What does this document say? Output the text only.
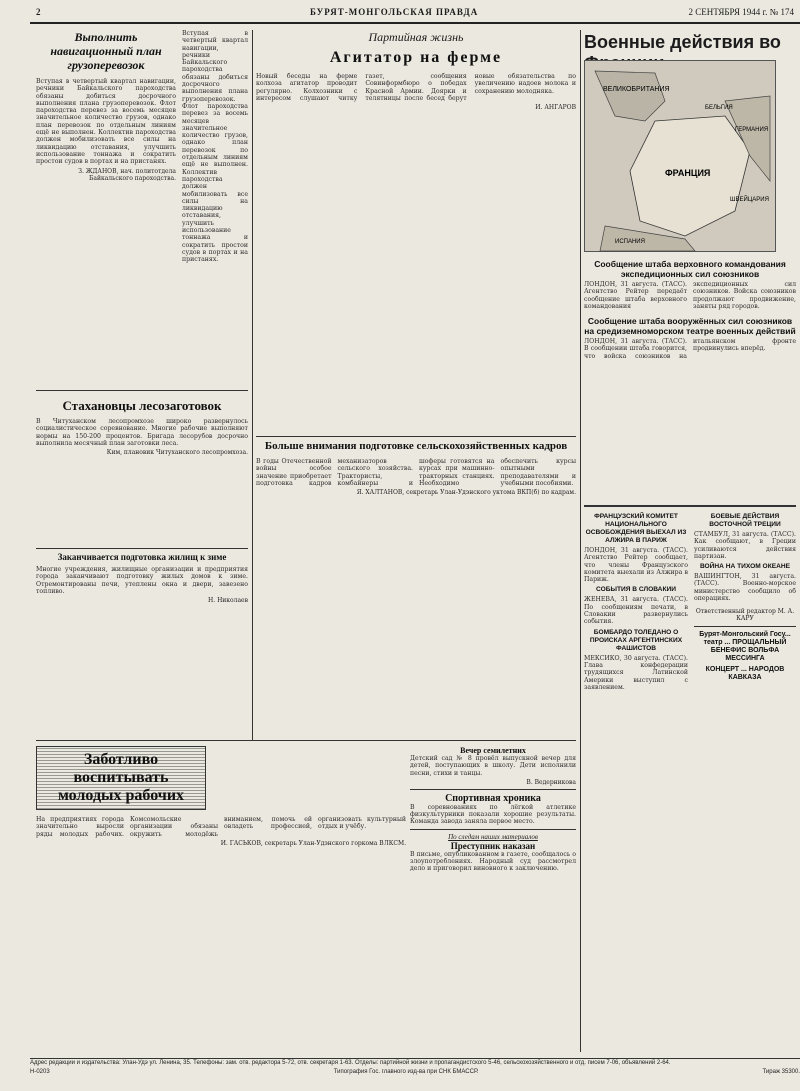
2	БУРЯТ-МОНГОЛЬСКАЯ ПРАВДА	2 СЕНТЯБРЯ 1944 г. № 174
Выполнить навигационный план грузоперевозок
Вступая в четвертый квартал навигации, речники Байкальского пароходства обязаны добиться досрочного выполнения плана грузоперевозок. Флот пароходства перевез за восемь месяцев значительное количество грузов, однако план перевозок по отдельным линиям ещё не выполнен. Коллектив пароходства должен мобилизовать все силы на ликвидацию отставания, улучшить использование тоннажа и сократить простои судов в портах и на пристанях.
З. ЖДАНОВ, нач. политотдела Байкальского пароходства.
Вступая в четвертый квартал навигации, речники Байкальского пароходства обязаны добиться досрочного выполнения плана грузоперевозок. Флот пароходства перевез за восемь месяцев значительное количество грузов, однако план перевозок по отдельным линиям ещё не выполнен. Коллектив пароходства должен мобилизовать все силы на ликвидацию отставания, улучшить использование тоннажа и сократить простои судов в портах и на пристанях.
Стахановцы лесозаготовок
В Читуханском лесопромхозе широко развернулось социалистическое соревнование. Многие рабочие выполняют нормы на 150-200 процентов. Бригада лесорубов досрочно выполнила месячный план заготовки леса.
Ким, плановик Читуханского лесопромхоза.
Заканчивается подготовка жилищ к зиме
Многие учреждения, жилищные организации и предприятия города заканчивают подготовку жилых домов к зиме. Отремонтированы печи, утеплены окна и двери, завезено топливо.
Н. Николаев
Партийная жизнь
Агитатор на ферме
Новый беседы на ферме колхоза агитатор проводит регулярно. Колхозники с интересом слушают читку газет, сообщения Совинформбюро о победах Красной Армии. Доярки и телятницы после бесед берут новые обязательства по увеличению надоев молока и сохранению молодняка.
И. АНГАРОВ
Больше внимания подготовке сельскохозяйственных кадров
В годы Отечественной войны особое значение приобретает подготовка кадров механизаторов сельского хозяйства. Трактористы, комбайнеры и шоферы готовятся на курсах при машинно-тракторных станциях. Необходимо обеспечить курсы опытными преподавателями и учебными пособиями.
Я. ХАЛТАНОВ, секретарь Улан-Удэнского уктома ВКП(б) по кадрам.
Заботливо воспитывать молодых рабочих
На предприятиях города значительно выросли ряды молодых рабочих. Комсомольские организации обязаны окружить молодёжь вниманием, помочь ей овладеть профессией, организовать культурный отдых и учёбу.
И. ГАСЬКОВ, секретарь Улан-Удэнского горкома ВЛКСМ.
Вечер семилетних
Детский сад № 8 провёл выпускной вечер для детей, поступающих в школу. Дети исполнили песни, стихи и танцы.
В. Ведерникова
Спортивная хроника
В соревнованиях по лёгкой атлетике физкультурники показали хорошие результаты. Команда завода заняла первое место.
По следам наших материалов
Преступник наказан
В письме, опубликованном в газете, сообщалось о злоупотреблениях. Народный суд рассмотрел дело и приговорил виновного к заключению.
Военные действия во
ВЕЛИКОБРИТАНИЯ
ФРАНЦИЯ
БЕЛЬГИЯ
ГЕРМАНИЯ
ИСПАНИЯ
ШВЕЙЦАРИЯ
Сообщение штаба верховного командования экспедиционных сил союзников
ЛОНДОН, 31 августа. (ТАСС). Агентство Рейтер передаёт сообщение штаба верховного командования экспедиционных сил союзников. Войска союзников продолжают продвижение, заняты ряд городов.
Сообщение штаба вооружённых сил союзников на средиземноморском театре военных действий
ЛОНДОН, 31 августа. (ТАСС). В сообщении штаба говорится, что войска союзников на итальянском фронте продвинулись вперёд.
ФРАНЦУЗСКИЙ КОМИТЕТ НАЦИОНАЛЬНОГО ОСВОБОЖДЕНИЯ ВЫЕХАЛ ИЗ АЛЖИРА В ПАРИЖ
ЛОНДОН, 31 августа. (ТАСС). Агентство Рейтер сообщает, что члены Французского комитета выехали из Алжира в Париж.
СОБЫТИЯ В СЛОВАКИИ
ЖЕНЕВА, 31 августа. (ТАСС). По сообщениям печати, в Словакии развернулись события.
БОМБАРДО ТОЛЕДАНО О ПРОИСКАХ АРГЕНТИНСКИХ ФАШИСТОВ
МЕКСИКО, 30 августа. (ТАСС). Глава конфедерации трудящихся Латинской Америки выступил с заявлением.
БОЕВЫЕ ДЕЙСТВИЯ ВОСТОЧНОЙ ТРЕЦИИ
СТАМБУЛ, 31 августа. (ТАСС). Как сообщают, в Греции усиливаются действия партизан.
ВОЙНА НА ТИХОМ ОКЕАНЕ
ВАШИНГТОН, 31 августа. (ТАСС). Военно-морское министерство сообщило об операциях.
Ответственный редактор М. А. КАРУ
Бурят-Монгольский Госу... театр ... ПРОЩАЛЬНЫЙ БЕНЕФИС ВОЛЬФА МЕССИНГА
КОНЦЕРТ ... НАРОДОВ КАВКАЗА
Адрес редакции и издательства: Улан-Удэ ул. Ленина, 35. Телефоны: зам. отв. редактора 5-72, отв. секретаря 1-63. Отделы: партийной жизни и пропагандистского 5-46, сельскохозяйственного и отд. писем 7-06, объявлений 2-64.
Н-0203	Типография Гос. главного изд-ва при СНК БМАССР.	Тираж 35300.
